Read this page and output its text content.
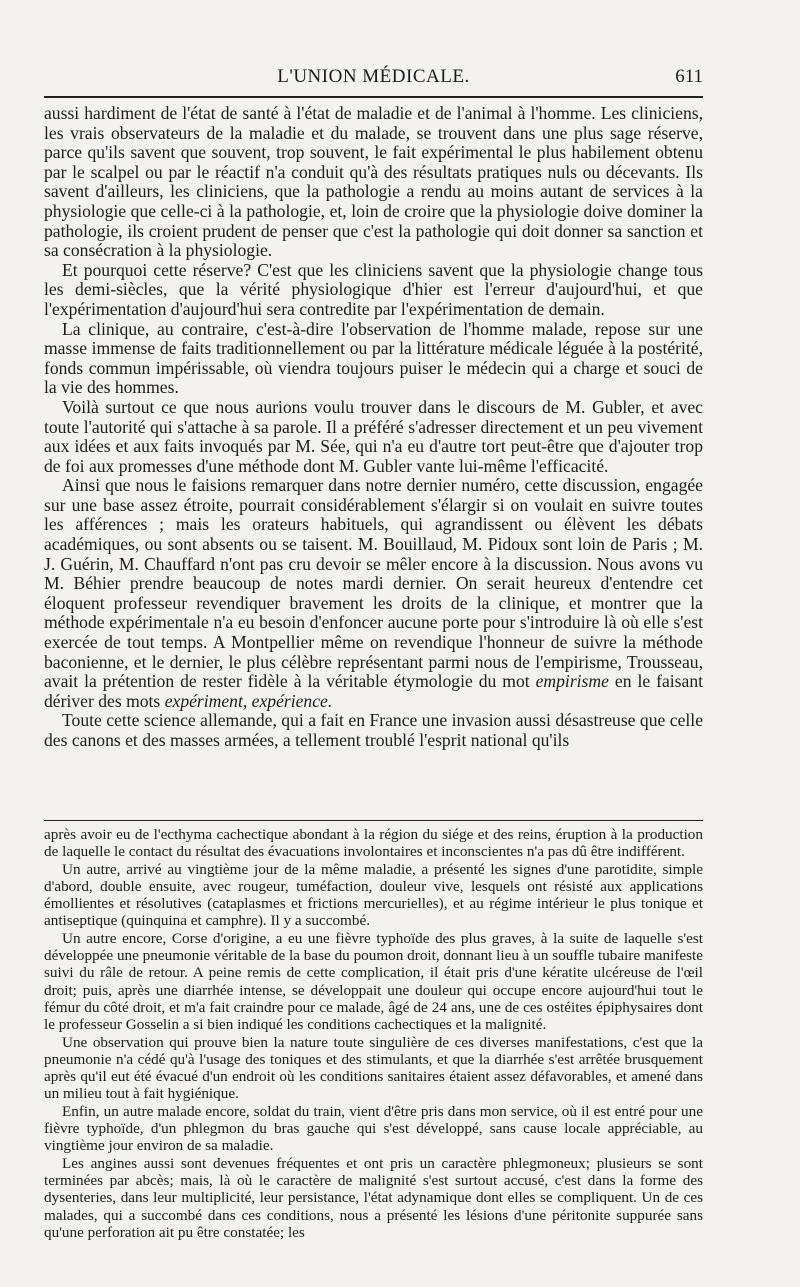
L'UNION MÉDICALE.	611

aussi hardiment de l'état de santé à l'état de maladie et de l'animal à l'homme. Les cliniciens, les vrais observateurs de la maladie et du malade, se trouvent dans une plus sage réserve, parce qu'ils savent que souvent, trop souvent, le fait expérimental le plus habilement obtenu par le scalpel ou par le réactif n'a conduit qu'à des résultats pratiques nuls ou décevants. Ils savent d'ailleurs, les cliniciens, que la pathologie a rendu au moins autant de services à la physiologie que celle-ci à la pathologie, et, loin de croire que la physiologie doive dominer la pathologie, ils croient prudent de penser que c'est la pathologie qui doit donner sa sanction et sa consécration à la physiologie.

Et pourquoi cette réserve? C'est que les cliniciens savent que la physiologie change tous les demi-siècles, que la vérité physiologique d'hier est l'erreur d'aujourd'hui, et que l'expérimentation d'aujourd'hui sera contredite par l'expérimentation de demain.

La clinique, au contraire, c'est-à-dire l'observation de l'homme malade, repose sur une masse immense de faits traditionnellement ou par la littérature médicale léguée à la postérité, fonds commun impérissable, où viendra toujours puiser le médecin qui a charge et souci de la vie des hommes.

Voilà surtout ce que nous aurions voulu trouver dans le discours de M. Gubler, et avec toute l'autorité qui s'attache à sa parole. Il a préféré s'adresser directement et un peu vivement aux idées et aux faits invoqués par M. Sée, qui n'a eu d'autre tort peut-être que d'ajouter trop de foi aux promesses d'une méthode dont M. Gubler vante lui-même l'efficacité.

Ainsi que nous le faisions remarquer dans notre dernier numéro, cette discussion, engagée sur une base assez étroite, pourrait considérablement s'élargir si on voulait en suivre toutes les afférences ; mais les orateurs habituels, qui agrandissent ou élèvent les débats académiques, ou sont absents ou se taisent. M. Bouillaud, M. Pidoux sont loin de Paris ; M. J. Guérin, M. Chauffard n'ont pas cru devoir se mêler encore à la discussion. Nous avons vu M. Béhier prendre beaucoup de notes mardi dernier. On serait heureux d'entendre cet éloquent professeur revendiquer bravement les droits de la clinique, et montrer que la méthode expérimentale n'a eu besoin d'enfoncer aucune porte pour s'introduire là où elle s'est exercée de tout temps. A Montpellier même on revendique l'honneur de suivre la méthode baconienne, et le dernier, le plus célèbre représentant parmi nous de l'empirisme, Trousseau, avait la prétention de rester fidèle à la véritable étymologie du mot empirisme en le faisant dériver des mots expériment, expérience.

Toute cette science allemande, qui a fait en France une invasion aussi désastreuse que celle des canons et des masses armées, a tellement troublé l'esprit national qu'ils

après avoir eu de l'ecthyma cachectique abondant à la région du siége et des reins, éruption à la production de laquelle le contact du résultat des évacuations involontaires et inconscientes n'a pas dû être indifférent.

Un autre, arrivé au vingtième jour de la même maladie, a présenté les signes d'une parotidite, simple d'abord, double ensuite, avec rougeur, tuméfaction, douleur vive, lesquels ont résisté aux applications émollientes et résolutives (cataplasmes et frictions mercurielles), et au régime intérieur le plus tonique et antiseptique (quinquina et camphre). Il y a succombé.

Un autre encore, Corse d'origine, a eu une fièvre typhoïde des plus graves, à la suite de laquelle s'est développée une pneumonie véritable de la base du poumon droit, donnant lieu à un souffle tubaire manifeste suivi du râle de retour. A peine remis de cette complication, il était pris d'une kératite ulcéreuse de l'œil droit; puis, après une diarrhée intense, se développait une douleur qui occupe encore aujourd'hui tout le fémur du côté droit, et m'a fait craindre pour ce malade, âgé de 24 ans, une de ces ostéites épiphysaires dont le professeur Gosselin a si bien indiqué les conditions cachectiques et la malignité.

Une observation qui prouve bien la nature toute singulière de ces diverses manifestations, c'est que la pneumonie n'a cédé qu'à l'usage des toniques et des stimulants, et que la diarrhée s'est arrêtée brusquement après qu'il eut été évacué d'un endroit où les conditions sanitaires étaient assez défavorables, et amené dans un milieu tout à fait hygiénique.

Enfin, un autre malade encore, soldat du train, vient d'être pris dans mon service, où il est entré pour une fièvre typhoïde, d'un phlegmon du bras gauche qui s'est développé, sans cause locale appréciable, au vingtième jour environ de sa maladie.

Les angines aussi sont devenues fréquentes et ont pris un caractère phlegmoneux; plusieurs se sont terminées par abcès; mais, là où le caractère de malignité s'est surtout accusé, c'est dans la forme des dysenteries, dans leur multiplicité, leur persistance, l'état adynamique dont elles se compliquent. Un de ces malades, qui a succombé dans ces conditions, nous a présenté les lésions d'une péritonite suppurée sans qu'une perforation ait pu être constatée; les
